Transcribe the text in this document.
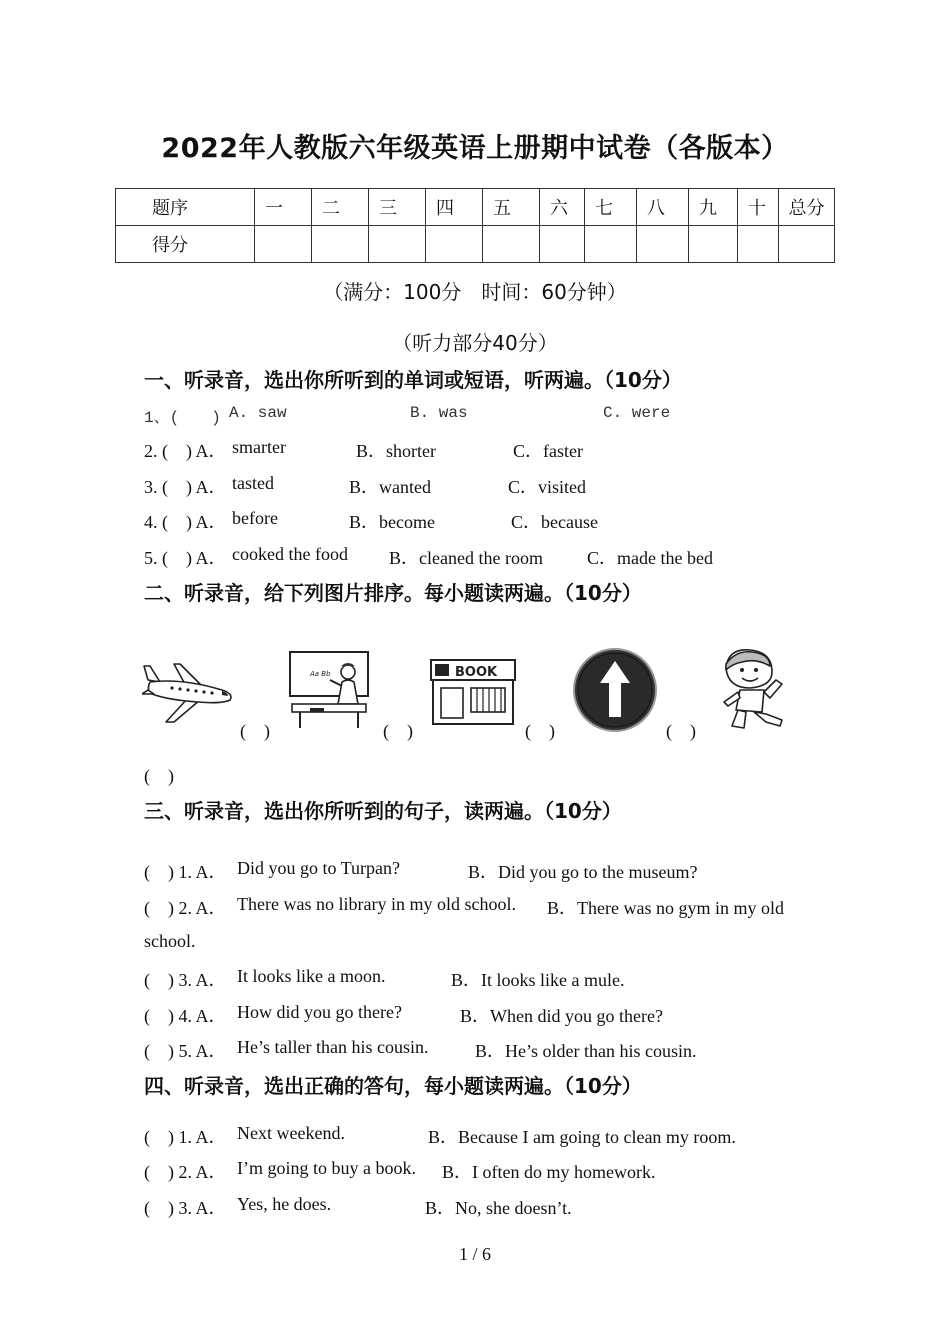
2022年人教版六年级英语上册期中试卷（各版本）
题序	一	二	三	四	五	六	七	八	九	十	总分
得分											
（满分：100分　时间：60分钟）
（听力部分40分）
一、听录音，选出你所听到的单词或短语，听两遍。（10分）
1、(　　) A. saw	B. was	C. were
2. (　) A． smarter	B．shorter	C．faster
3. (　) A． tasted	B．wanted	C．visited
4. (　) A． before	B．become	C．because
5. (　) A． cooked the food B．cleaned the room C．made the bed
二、听录音，给下列图片排序。每小题读两遍。（10分）
(　)
Aa Bb
(　)
BOOK
(　)	(　)
(　)
三、听录音，选出你所听到的句子，读两遍。（10分）
(　) 1. A． Did you go to Turpan?	B．Did you go to the museum?
(　) 2. A． There was no library in my old school. B．There was no gym in my old
school.
(　) 3. A． It looks like a moon.	B．It looks like a mule.
(　) 4. A． How did you go there?	B．When did you go there?
(　) 5. A． He’s taller than his cousin.	B．He’s older than his cousin.
四、听录音，选出正确的答句，每小题读两遍。（10分）
(　) 1. A． Next weekend.	B．Because I am going to clean my room.
(　) 2. A． I’m going to buy a book. B．I often do my homework.
(　) 3. A． Yes, he does.	B．No, she doesn’t.
1 / 6
